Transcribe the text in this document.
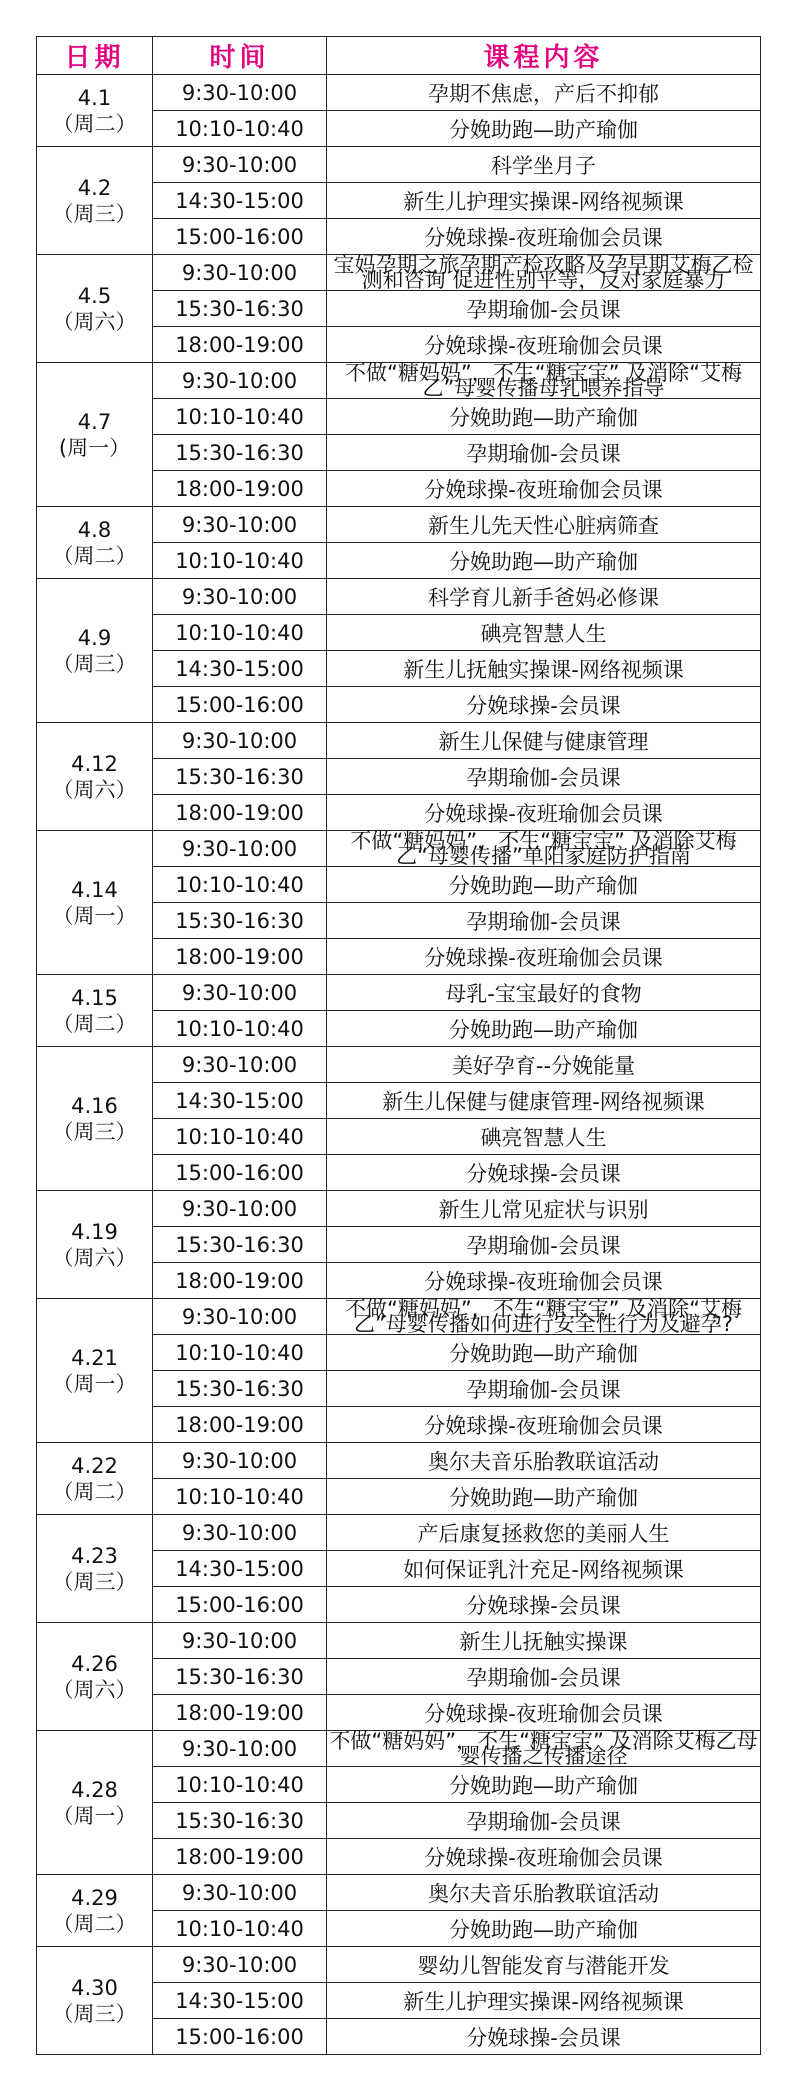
日期	时间	课程内容

4.1
（周二）	9:30-10:00	孕期不焦虑，产后不抑郁
	10:10-10:40	分娩助跑—助产瑜伽

4.2
（周三）	9:30-10:00	科学坐月子
	14:30-15:00	新生儿护理实操课-网络视频课
	15:00-16:00	分娩球操-夜班瑜伽会员课

4.5
（周六）	9:30-10:00	宝妈孕期之旅孕期产检攻略及孕早期艾梅乙检测和咨询 促进性别平等，反对家庭暴力
	15:30-16:30	孕期瑜伽-会员课
	18:00-19:00	分娩球操-夜班瑜伽会员课

4.7
(周一）	9:30-10:00	不做“糖妈妈”，不生“糖宝宝” 及消除“艾梅乙”母婴传播母乳喂养指导
	10:10-10:40	分娩助跑—助产瑜伽
	15:30-16:30	孕期瑜伽-会员课
	18:00-19:00	分娩球操-夜班瑜伽会员课

4.8
（周二）	9:30-10:00	新生儿先天性心脏病筛查
	10:10-10:40	分娩助跑—助产瑜伽

4.9
（周三）	9:30-10:00	科学育儿新手爸妈必修课
	10:10-10:40	碘亮智慧人生
	14:30-15:00	新生儿抚触实操课-网络视频课
	15:00-16:00	分娩球操-会员课

4.12
（周六）	9:30-10:00	新生儿保健与健康管理
	15:30-16:30	孕期瑜伽-会员课
	18:00-19:00	分娩球操-夜班瑜伽会员课

4.14
（周一）	9:30-10:00	不做“糖妈妈”，不生“糖宝宝” 及消除艾梅乙“母婴传播”单阳家庭防护指南
	10:10-10:40	分娩助跑—助产瑜伽
	15:30-16:30	孕期瑜伽-会员课
	18:00-19:00	分娩球操-夜班瑜伽会员课

4.15
（周二）	9:30-10:00	母乳-宝宝最好的食物
	10:10-10:40	分娩助跑—助产瑜伽

4.16
（周三）	9:30-10:00	美好孕育--分娩能量
	14:30-15:00	新生儿保健与健康管理-网络视频课
	10:10-10:40	碘亮智慧人生
	15:00-16:00	分娩球操-会员课

4.19
（周六）	9:30-10:00	新生儿常见症状与识别
	15:30-16:30	孕期瑜伽-会员课
	18:00-19:00	分娩球操-夜班瑜伽会员课

4.21
（周一）	9:30-10:00	不做“糖妈妈”，不生“糖宝宝” 及消除“艾梅乙”母婴传播如何进行安全性行为及避孕?
	10:10-10:40	分娩助跑—助产瑜伽
	15:30-16:30	孕期瑜伽-会员课
	18:00-19:00	分娩球操-夜班瑜伽会员课

4.22
（周二）	9:30-10:00	奥尔夫音乐胎教联谊活动
	10:10-10:40	分娩助跑—助产瑜伽

4.23
（周三）	9:30-10:00	产后康复拯救您的美丽人生
	14:30-15:00	如何保证乳汁充足-网络视频课
	15:00-16:00	分娩球操-会员课

4.26
（周六）	9:30-10:00	新生儿抚触实操课
	15:30-16:30	孕期瑜伽-会员课
	18:00-19:00	分娩球操-夜班瑜伽会员课

4.28
（周一）	9:30-10:00	不做“糖妈妈”，不生“糖宝宝” 及消除艾梅乙母婴传播之传播途径
	10:10-10:40	分娩助跑—助产瑜伽
	15:30-16:30	孕期瑜伽-会员课
	18:00-19:00	分娩球操-夜班瑜伽会员课

4.29
（周二）	9:30-10:00	奥尔夫音乐胎教联谊活动
	10:10-10:40	分娩助跑—助产瑜伽

4.30
（周三）	9:30-10:00	婴幼儿智能发育与潜能开发
	14:30-15:00	新生儿护理实操课-网络视频课
	15:00-16:00	分娩球操-会员课
